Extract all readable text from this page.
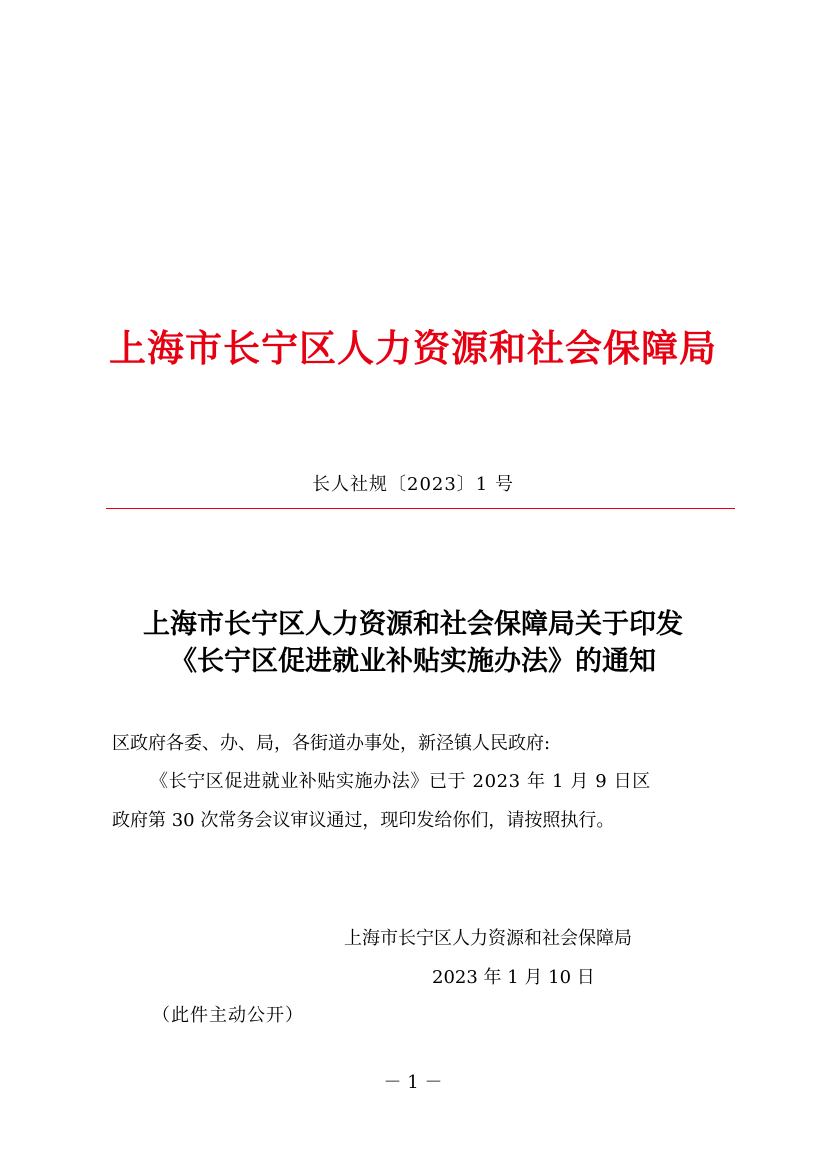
上海市长宁区人力资源和社会保障局
长人社规〔2023〕1 号
上海市长宁区人力资源和社会保障局关于印发
《长宁区促进就业补贴实施办法》的通知
区政府各委、办、局，各街道办事处，新泾镇人民政府:
《长宁区促进就业补贴实施办法》已于 2023 年 1 月 9 日区
政府第 30 次常务会议审议通过，现印发给你们，请按照执行。
上海市长宁区人力资源和社会保障局
2023 年 1 月 10 日
（此件主动公开）
－ 1 －
